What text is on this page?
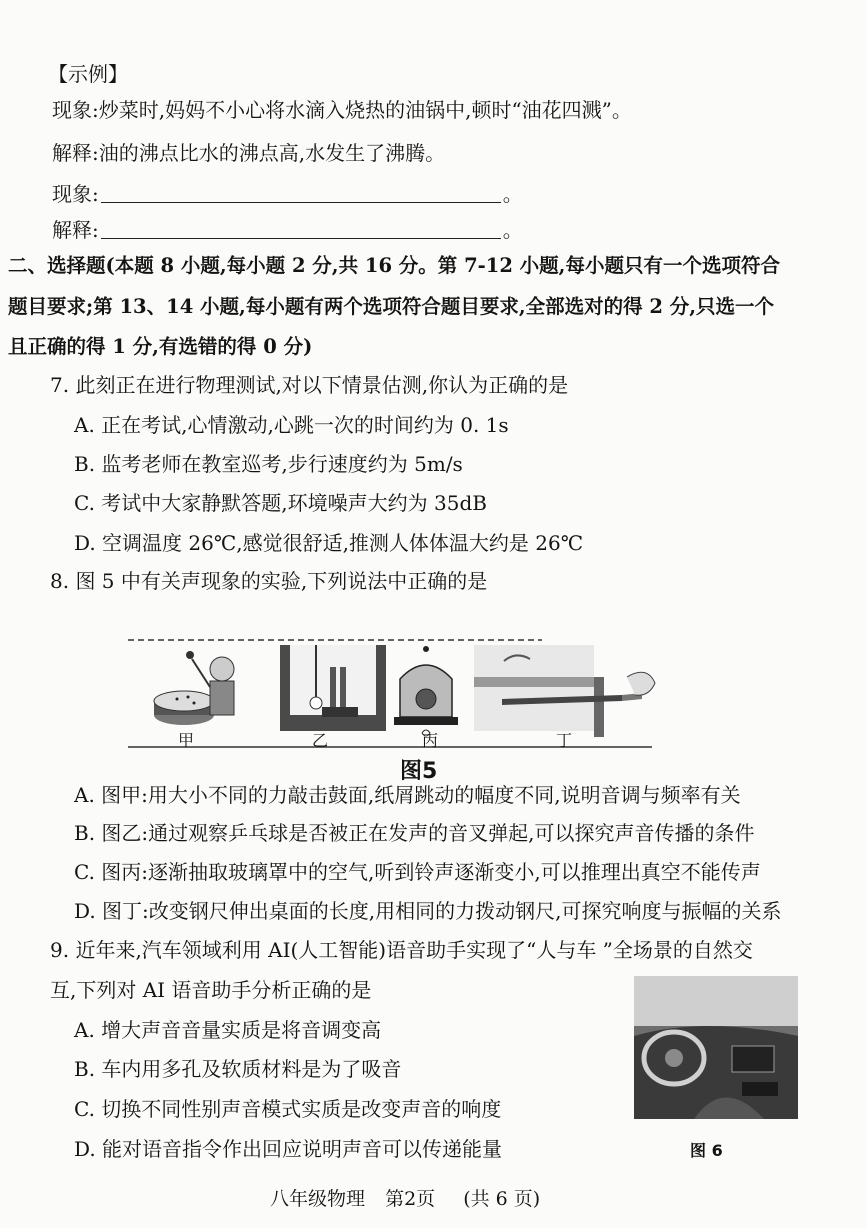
【示例】
现象:炒菜时,妈妈不小心将水滴入烧热的油锅中,顿时“油花四溅”。
解释:油的沸点比水的沸点高,水发生了沸腾。
现象:	。
解释:	。
二、选择题(本题 8 小题,每小题 2 分,共 16 分。第 7-12 小题,每小题只有一个选项符合
题目要求;第 13、14 小题,每小题有两个选项符合题目要求,全部选对的得 2 分,只选一个
且正确的得 1 分,有选错的得 0 分)
7. 此刻正在进行物理测试,对以下情景估测,你认为正确的是
A. 正在考试,心情激动,心跳一次的时间约为 0. 1s
B. 监考老师在教室巡考,步行速度约为 5m/s
C. 考试中大家静默答题,环境噪声大约为 35dB
D. 空调温度 26℃,感觉很舒适,推测人体体温大约是 26℃
8. 图 5 中有关声现象的实验,下列说法中正确的是
甲	乙	丙	丁
图5
A. 图甲:用大小不同的力敲击鼓面,纸屑跳动的幅度不同,说明音调与频率有关
B. 图乙:通过观察乒乓球是否被正在发声的音叉弹起,可以探究声音传播的条件
C. 图丙:逐渐抽取玻璃罩中的空气,听到铃声逐渐变小,可以推理出真空不能传声
D. 图丁:改变钢尺伸出桌面的长度,用相同的力拨动钢尺,可探究响度与振幅的关系
9. 近年来,汽车领域利用 AI(人工智能)语音助手实现了“人与车 ”全场景的自然交
互,下列对 AI 语音助手分析正确的是
A. 增大声音音量实质是将音调变高
B. 车内用多孔及软质材料是为了吸音
C. 切换不同性别声音模式实质是改变声音的响度
D. 能对语音指令作出回应说明声音可以传递能量	图 6
八年级物理 第2页 (共 6 页)
